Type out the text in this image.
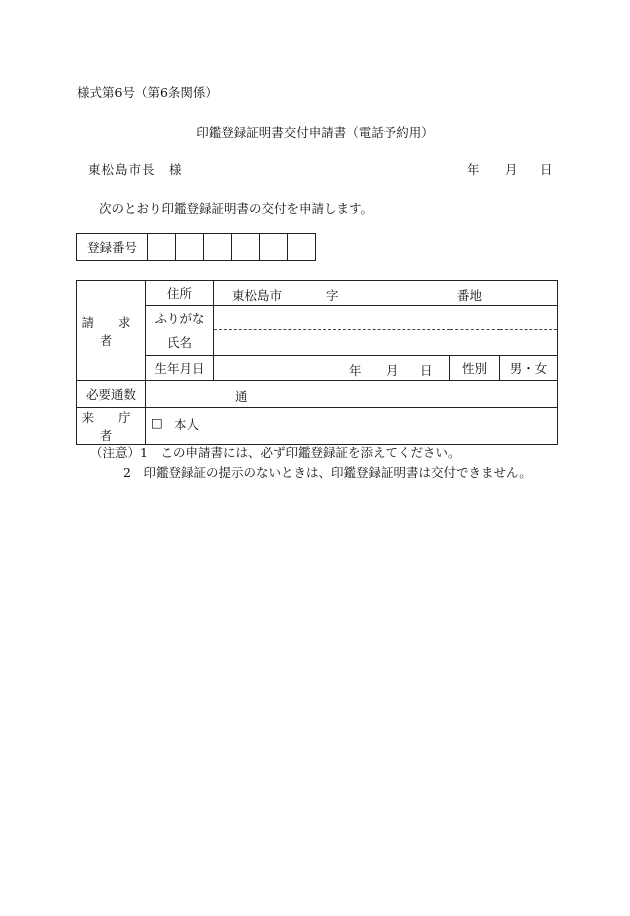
様式第6号（第6条関係）
印鑑登録証明書交付申請書（電話予約用）
東松島市長　様	年 月 日
次のとおり印鑑登録証明書の交付を申請します。
登録番号						
請 求 者	住所	東松島市 字 番地		

	ふりがな			
	氏名			
	生年月日	年 月 日	性別	男・女
必要通数	通			

来 庁 者	□ 本人			
（注意）1　この申請書には、必ず印鑑登録証を添えてください。
2　印鑑登録証の提示のないときは、印鑑登録証明書は交付できません。
